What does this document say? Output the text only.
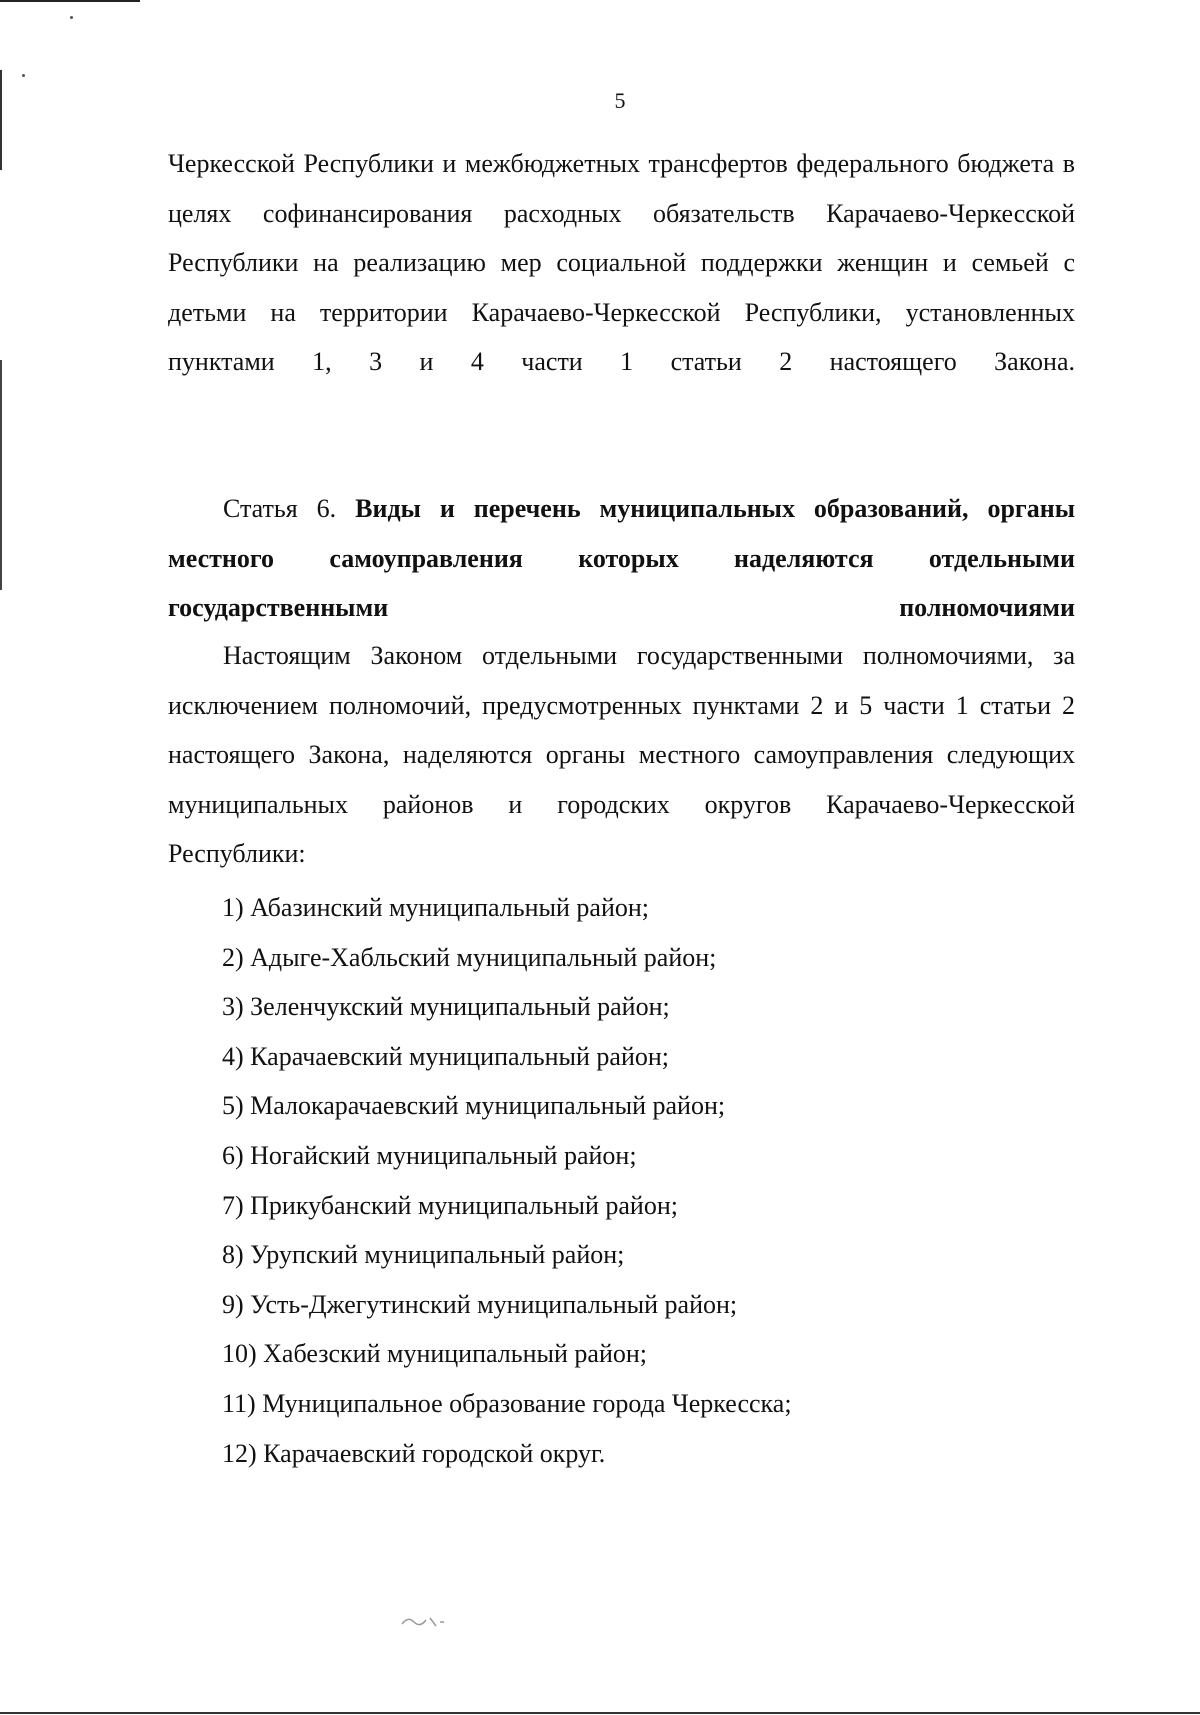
5
Черкесской Республики и межбюджетных трансфертов федерального бюджета в целях софинансирования расходных обязательств Карачаево-Черкесской Республики на реализацию мер социальной поддержки женщин и семьей с детьми на территории Карачаево-Черкесской Республики, установленных пунктами 1, 3 и 4 части 1 статьи 2 настоящего Закона.
Статья 6. Виды и перечень муниципальных образований, органы местного самоуправления которых наделяются отдельными государственными полномочиями
Настоящим Законом отдельными государственными полномочиями, за исключением полномочий, предусмотренных пунктами 2 и 5 части 1 статьи 2 настоящего Закона, наделяются органы местного самоуправления следующих муниципальных районов и городских округов Карачаево-Черкесской Республики:
1) Абазинский муниципальный район;
2) Адыге-Хабльский муниципальный район;
3) Зеленчукский муниципальный район;
4) Карачаевский муниципальный район;
5) Малокарачаевский муниципальный район;
6) Ногайский муниципальный район;
7) Прикубанский муниципальный район;
8) Урупский муниципальный район;
9) Усть-Джегутинский муниципальный район;
10) Хабезский муниципальный район;
11) Муниципальное образование города Черкесска;
12) Карачаевский городской округ.
